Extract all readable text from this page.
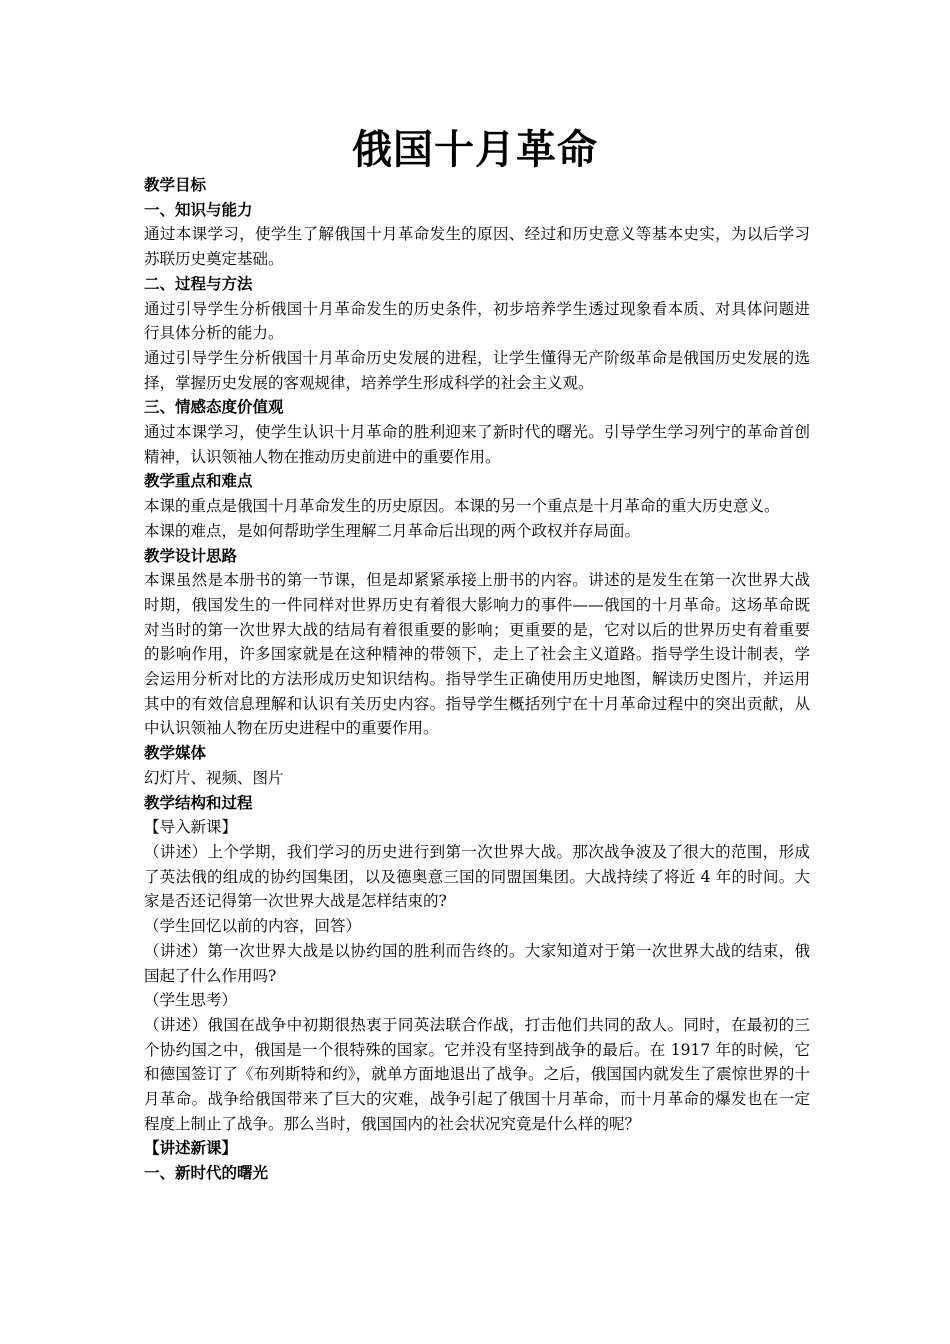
俄国十月革命

教学目标

一、知识与能力

通过本课学习，使学生了解俄国十月革命发生的原因、经过和历史意义等基本史实，为以后学习苏联历史奠定基础。

二、过程与方法

通过引导学生分析俄国十月革命发生的历史条件，初步培养学生透过现象看本质、对具体问题进行具体分析的能力。

通过引导学生分析俄国十月革命历史发展的进程，让学生懂得无产阶级革命是俄国历史发展的选择，掌握历史发展的客观规律，培养学生形成科学的社会主义观。

三、情感态度价值观

通过本课学习，使学生认识十月革命的胜利迎来了新时代的曙光。引导学生学习列宁的革命首创精神，认识领袖人物在推动历史前进中的重要作用。

教学重点和难点

本课的重点是俄国十月革命发生的历史原因。本课的另一个重点是十月革命的重大历史意义。

本课的难点，是如何帮助学生理解二月革命后出现的两个政权并存局面。

教学设计思路

本课虽然是本册书的第一节课，但是却紧紧承接上册书的内容。讲述的是发生在第一次世界大战时期，俄国发生的一件同样对世界历史有着很大影响力的事件——俄国的十月革命。这场革命既对当时的第一次世界大战的结局有着很重要的影响；更重要的是，它对以后的世界历史有着重要的影响作用，许多国家就是在这种精神的带领下，走上了社会主义道路。指导学生设计制表，学会运用分析对比的方法形成历史知识结构。指导学生正确使用历史地图，解读历史图片，并运用其中的有效信息理解和认识有关历史内容。指导学生概括列宁在十月革命过程中的突出贡献，从中认识领袖人物在历史进程中的重要作用。

教学媒体

幻灯片、视频、图片

教学结构和过程

【导入新课】

（讲述）上个学期，我们学习的历史进行到第一次世界大战。那次战争波及了很大的范围，形成了英法俄的组成的协约国集团，以及德奥意三国的同盟国集团。大战持续了将近 4 年的时间。大家是否还记得第一次世界大战是怎样结束的?

（学生回忆以前的内容，回答）

（讲述）第一次世界大战是以协约国的胜利而告终的。大家知道对于第一次世界大战的结束，俄国起了什么作用吗?

（学生思考）

（讲述）俄国在战争中初期很热衷于同英法联合作战，打击他们共同的敌人。同时，在最初的三个协约国之中，俄国是一个很特殊的国家。它并没有坚持到战争的最后。在 1917 年的时候，它和德国签订了《布列斯特和约》，就单方面地退出了战争。之后，俄国国内就发生了震惊世界的十月革命。战争给俄国带来了巨大的灾难，战争引起了俄国十月革命，而十月革命的爆发也在一定程度上制止了战争。那么当时，俄国国内的社会状况究竟是什么样的呢？

【讲述新课】

一、新时代的曙光
